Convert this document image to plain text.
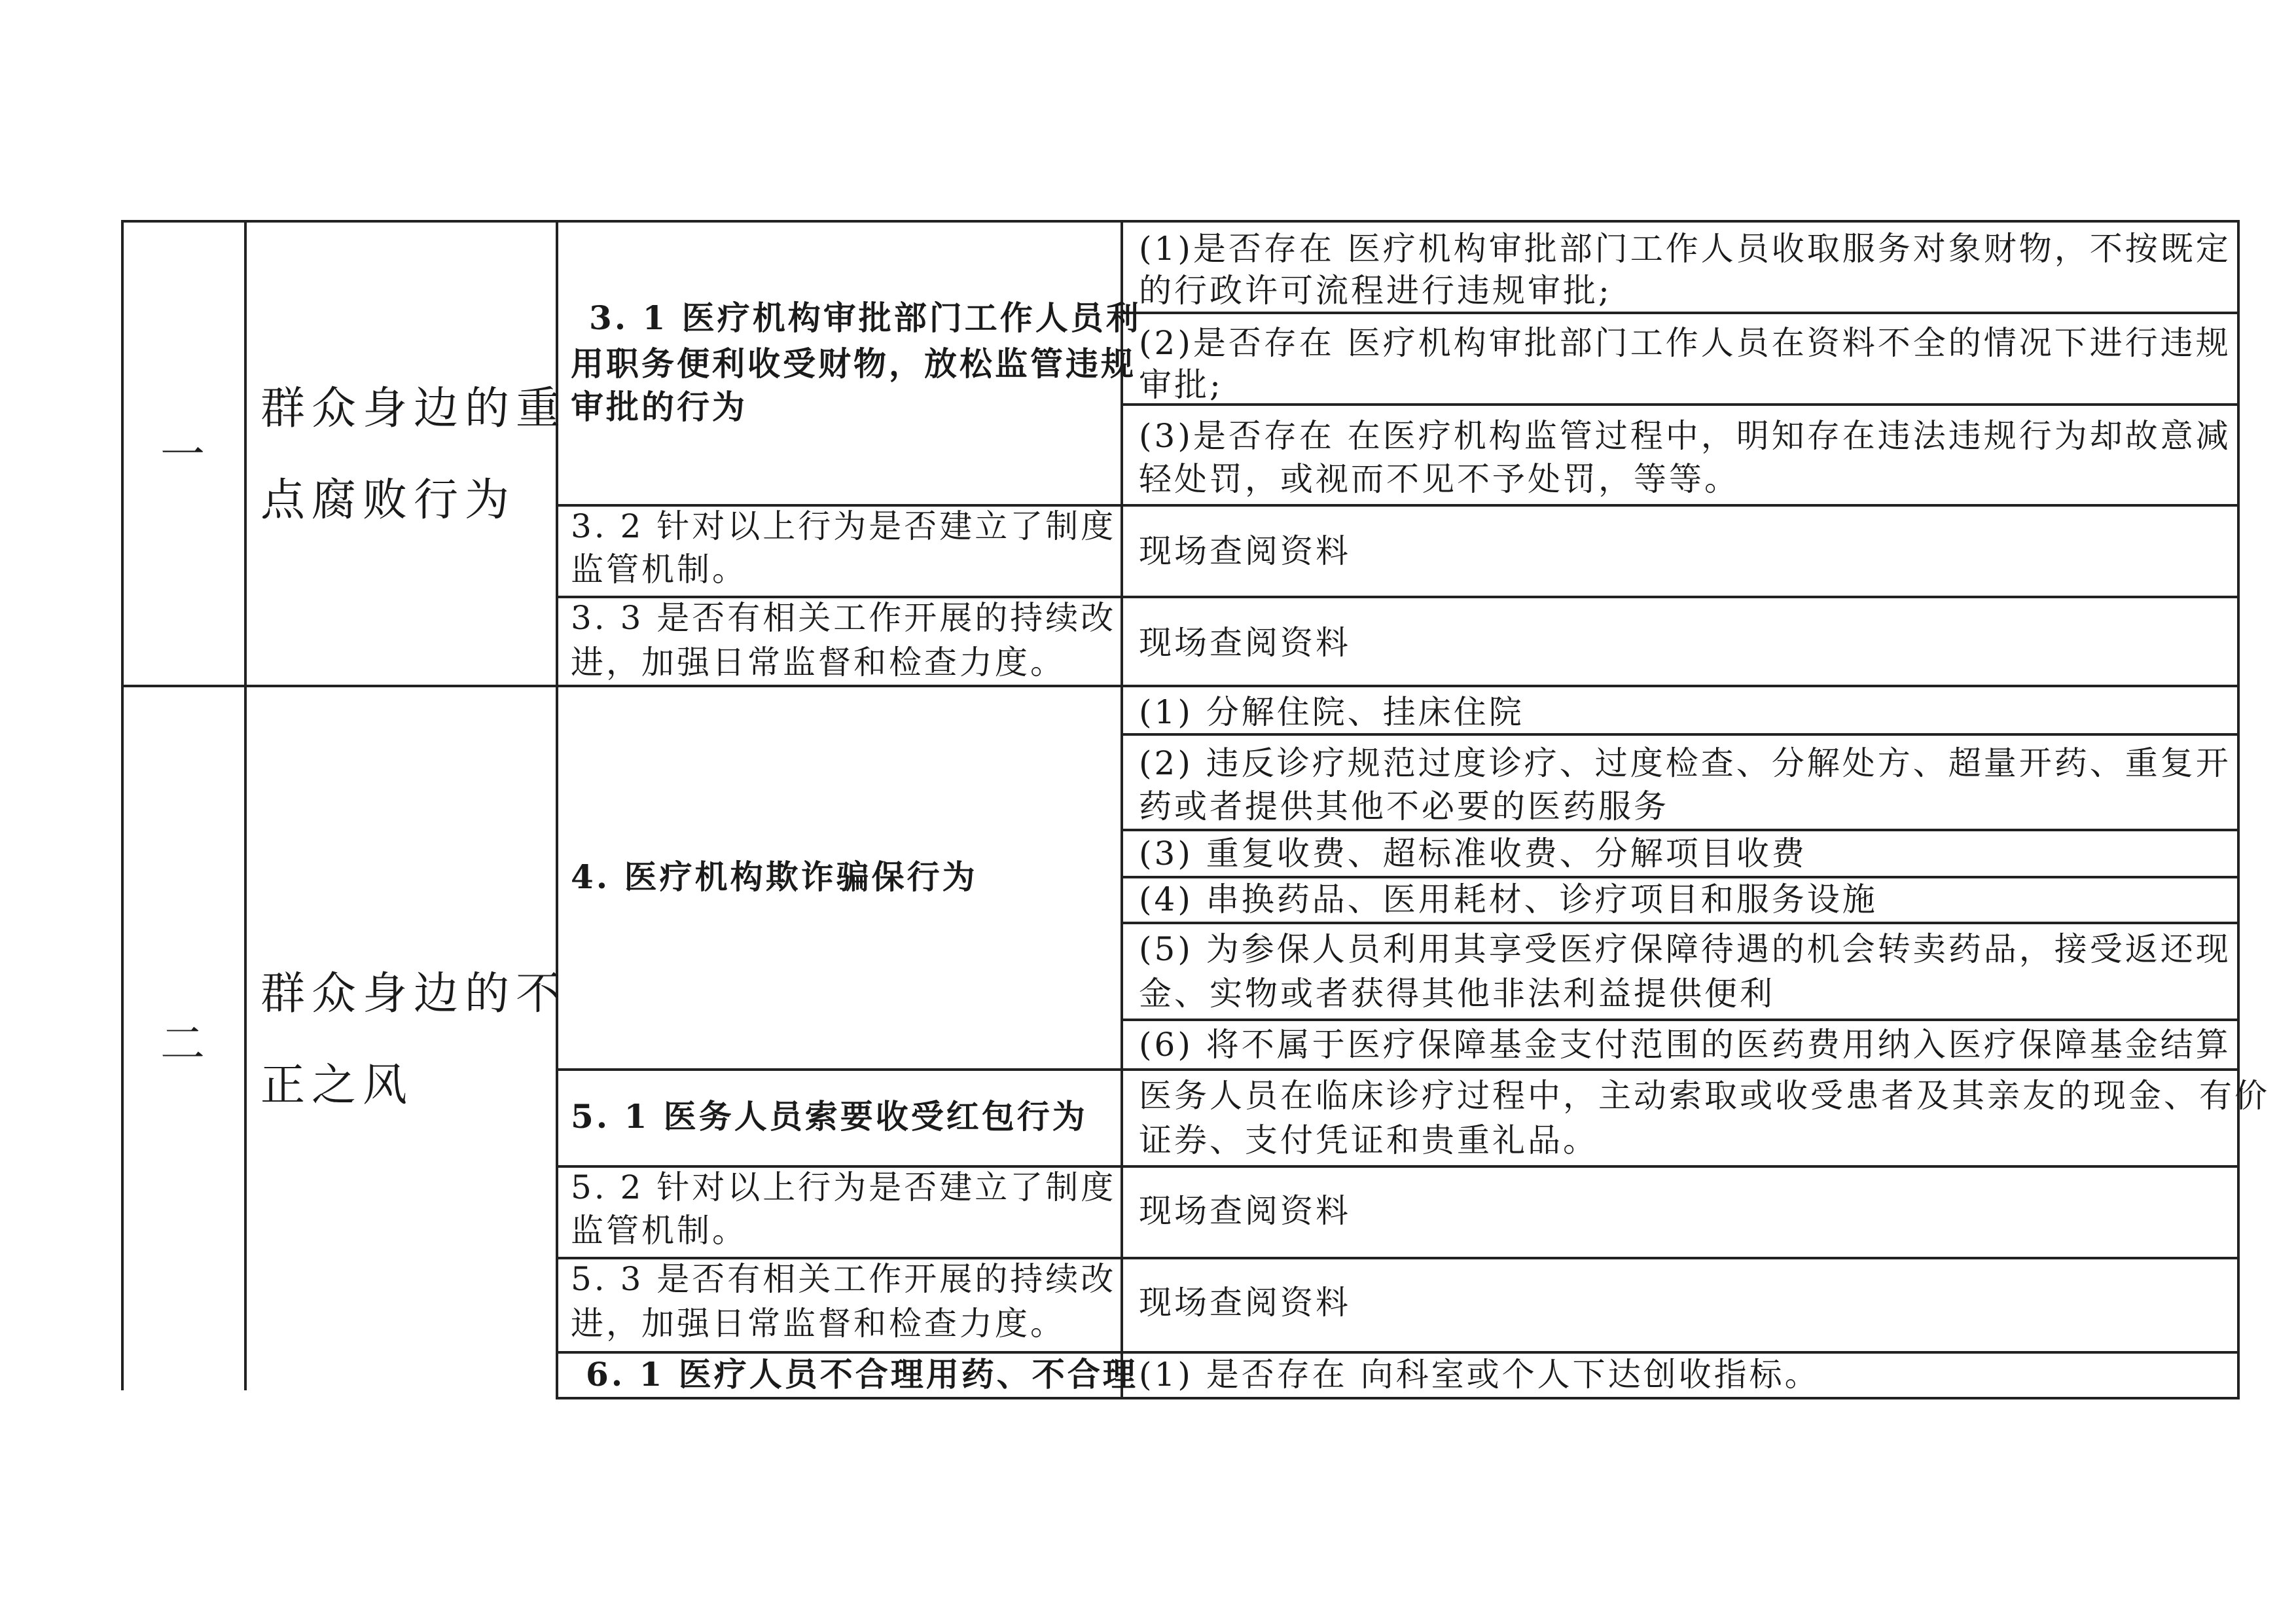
一
群众身边的重
点腐败行为
3. 1 医疗机构审批部门工作人员利
用职务便利收受财物，放松监管违规
审批的行为
(1)是否存在 医疗机构审批部门工作人员收取服务对象财物，不按既定
的行政许可流程进行违规审批;
(2)是否存在 医疗机构审批部门工作人员在资料不全的情况下进行违规
审批;
(3)是否存在 在医疗机构监管过程中，明知存在违法违规行为却故意减
轻处罚，或视而不见不予处罚，等等。
3. 2 针对以上行为是否建立了制度
监管机制。	现场查阅资料
3. 3 是否有相关工作开展的持续改
进，加强日常监督和检查力度。
现场查阅资料
二
群众身边的不
正之风
4. 医疗机构欺诈骗保行为
(1) 分解住院、挂床住院
(2) 违反诊疗规范过度诊疗、过度检查、分解处方、超量开药、重复开
药或者提供其他不必要的医药服务
(3) 重复收费、超标准收费、分解项目收费
(4) 串换药品、医用耗材、诊疗项目和服务设施
(5) 为参保人员利用其享受医疗保障待遇的机会转卖药品，接受返还现
金、实物或者获得其他非法利益提供便利
(6) 将不属于医疗保障基金支付范围的医药费用纳入医疗保障基金结算
5. 1 医务人员索要收受红包行为
医务人员在临床诊疗过程中，主动索取或收受患者及其亲友的现金、有价
证券、支付凭证和贵重礼品。
5. 2 针对以上行为是否建立了制度
监管机制。
现场查阅资料
5. 3 是否有相关工作开展的持续改
进，加强日常监督和检查力度。
现场查阅资料
6. 1 医疗人员不合理用药、不合理 (1) 是否存在 向科室或个人下达创收指标。
